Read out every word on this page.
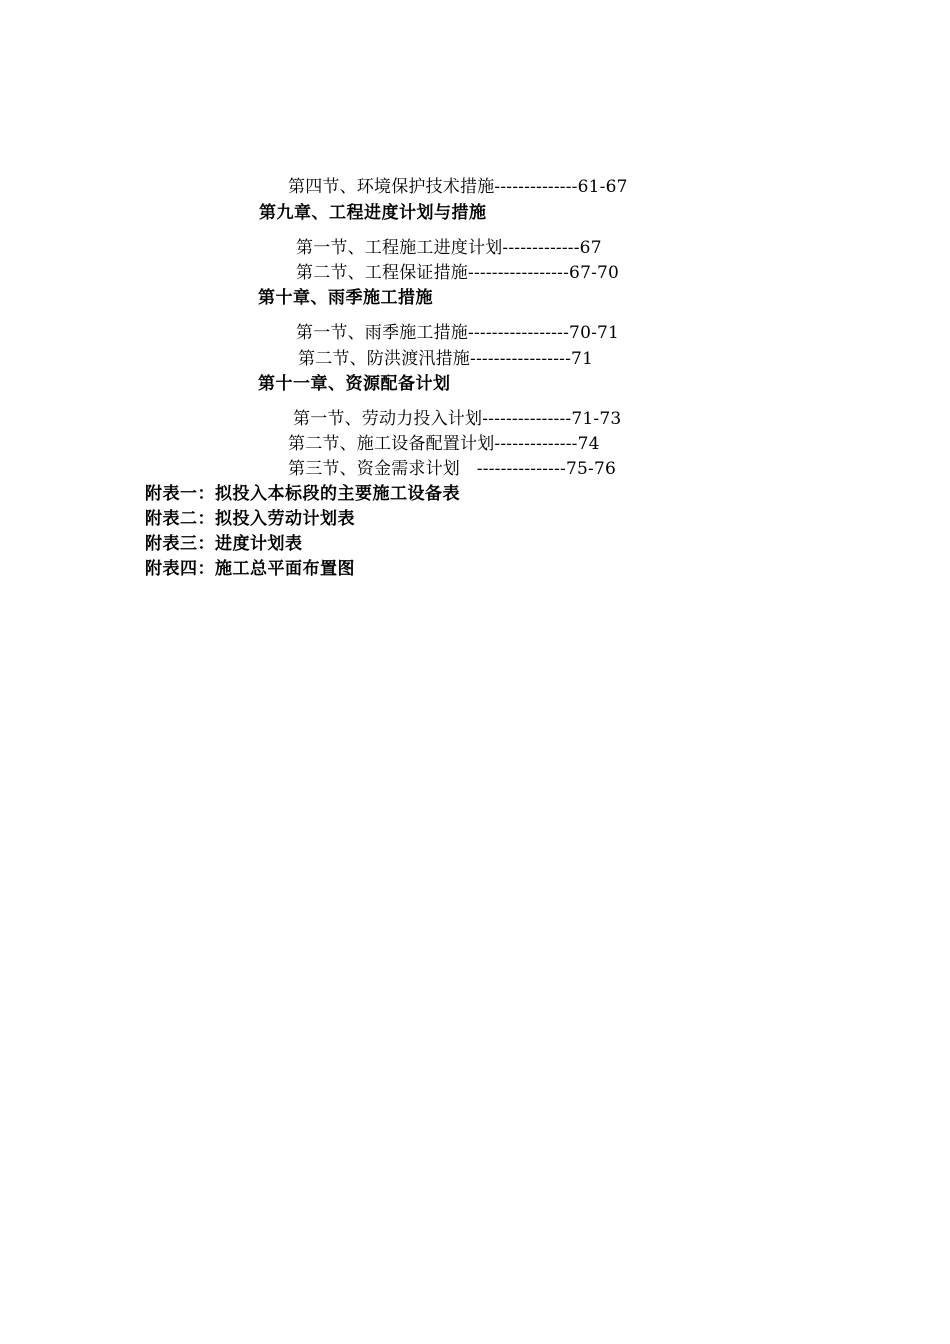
第四节、环境保护技术措施--------------61-67
第九章、工程进度计划与措施
第一节、工程施工进度计划-------------67
第二节、工程保证措施-----------------67-70
第十章、雨季施工措施
第一节、雨季施工措施-----------------70-71
第二节、防洪渡汛措施-----------------71
第十一章、资源配备计划
第一节、劳动力投入计划---------------71-73
第二节、施工设备配置计划--------------74
第三节、资金需求计划   ---------------75-76
附表一：拟投入本标段的主要施工设备表
附表二：拟投入劳动计划表
附表三：进度计划表
附表四：施工总平面布置图
